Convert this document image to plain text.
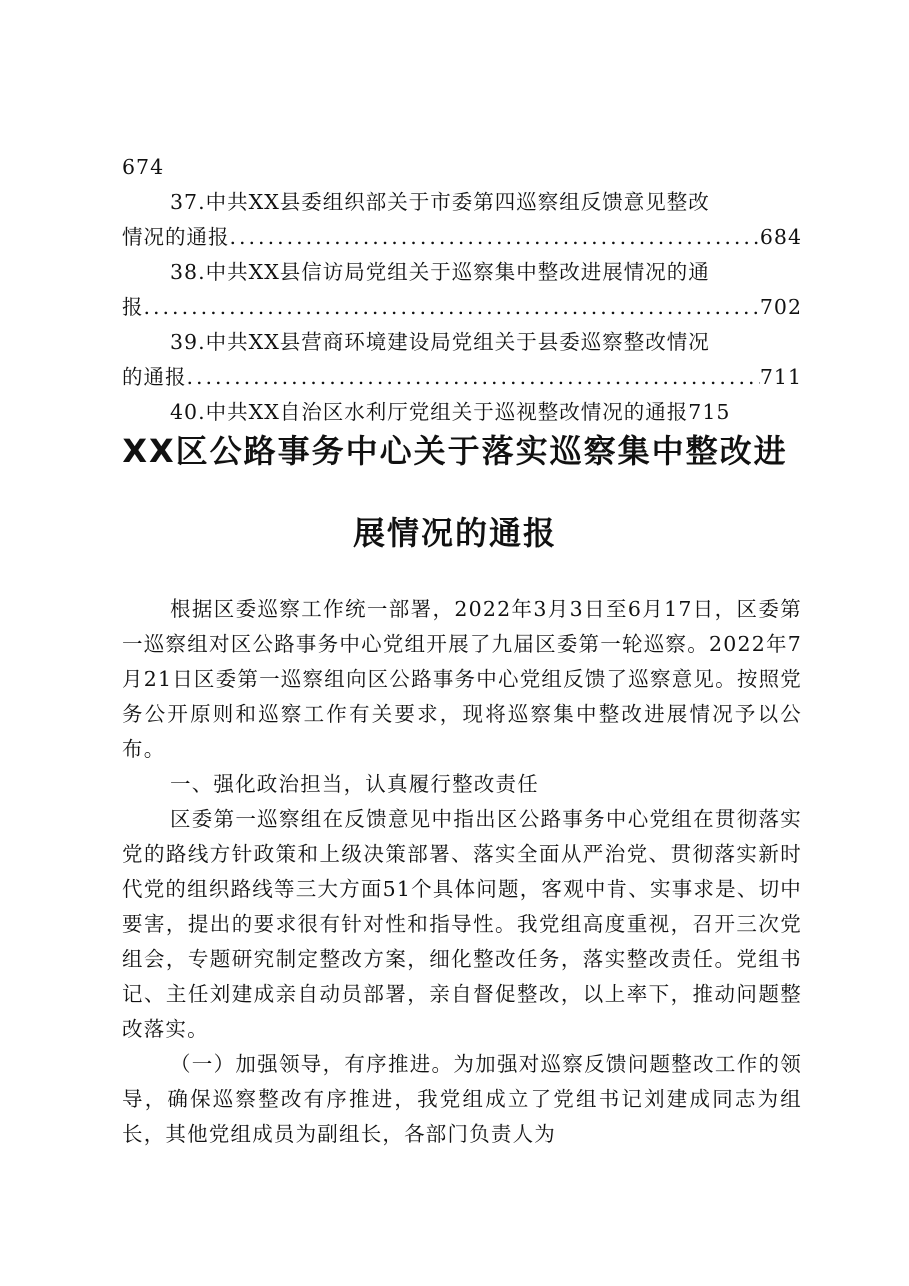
674

37.中共XX县委组织部关于市委第四巡察组反馈意见整改

情况的通报 .....	684

38.中共XX县信访局党组关于巡察集中整改进展情况的通

报 .....	702

39.中共XX县营商环境建设局党组关于县委巡察整改情况

的通报 .....	711

40.中共XX自治区水利厅党组关于巡视整改情况的通报715

XX区公路事务中心关于落实巡察集中整改进
展情况的通报

根据区委巡察工作统一部署，2022年3月3日至6月17日，区委第一巡察组对区公路事务中心党组开展了九届区委第一轮巡察。2022年7月21日区委第一巡察组向区公路事务中心党组反馈了巡察意见。按照党务公开原则和巡察工作有关要求，现将巡察集中整改进展情况予以公布。

一、强化政治担当，认真履行整改责任

区委第一巡察组在反馈意见中指出区公路事务中心党组在贯彻落实党的路线方针政策和上级决策部署、落实全面从严治党、贯彻落实新时代党的组织路线等三大方面51个具体问题，客观中肯、实事求是、切中要害，提出的要求很有针对性和指导性。我党组高度重视，召开三次党组会，专题研究制定整改方案，细化整改任务，落实整改责任。党组书记、主任刘建成亲自动员部署，亲自督促整改，以上率下，推动问题整改落实。

（一）加强领导，有序推进。为加强对巡察反馈问题整改工作的领导，确保巡察整改有序推进，我党组成立了党组书记刘建成同志为组长，其他党组成员为副组长，各部门负责人为
